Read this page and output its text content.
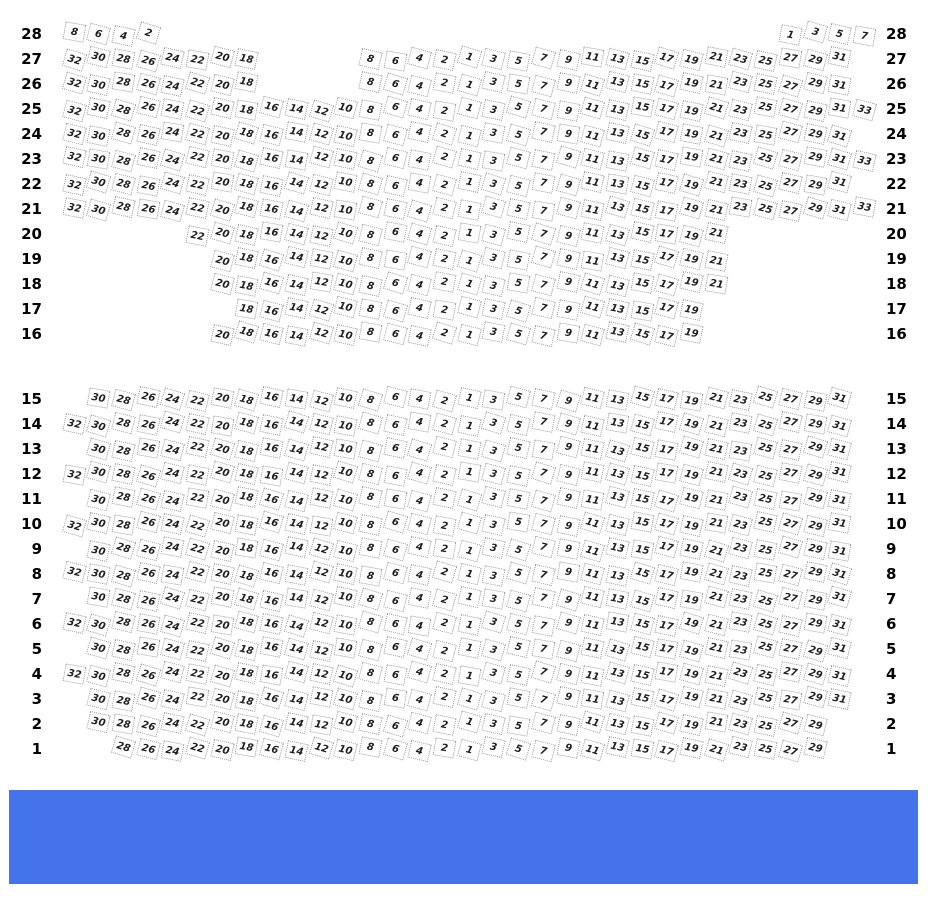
28	28
8	6	4	2	1	3	5	7
27	27
32 30 28 26 24 22 20 18	8	6	4	2	1	3	5	7	9	11 13 15 17 19 21 23 25 27 29 31
26	26
32 30 28 26 24 22 20 18	8	6	4	2	1	3	5	7	9	11 13 15 17 19 21 23 25 27 29 31
25	25
32 30 28 26 24 22 20 18 16 14 12 10	8	6	4	2	1	3	5	7	9	11 13 15 17 19 21 23 25 27 29 31 33
24	24
32 30 28 26 24 22 20 18 16 14 12 10	8	6	4	2	1	3	5	7	9	11 13 15 17 19 21 23 25 27 29 31
23	23
32 30 28 26 24 22 20 18 16 14 12 10	8	6	4	2	1	3	5	7	9	11 13 15 17 19 21 23 25 27 29 31 33
22	22
32 30 28 26 24 22 20 18 16 14 12 10	8	6	4	2	1	3	5	7	9	11 13 15 17 19 21 23 25 27 29 31
21	21
32 30 28 26 24 22 20 18 16 14 12 10	8	6	4	2	1	3	5	7	9	11 13 15 17 19 21 23 25 27 29 31 33
20	20
22 20 18 16 14 12 10	8	6	4	2	1	3	5	7	9	11 13 15 17 19 21
19	19
20 18 16 14 12 10	8	6	4	2	1	3	5	7	9	11 13 15 17 19 21
18	18
20 18 16 14 12 10	8	6	4	2	1	3	5	7	9	11 13 15 17 19 21
17	17
18 16 14 12 10	8	6	4	2	1	3	5	7	9	11 13 15 17 19
16	16
20 18 16 14 12 10	8	6	4	2	1	3	5	7	9	11 13 15 17 19
15	15
30 28 26 24 22 20 18 16 14 12 10	8	6	4	2	1	3	5	7	9	11 13 15 17 19 21 23 25 27 29 31
14	14
32 30 28 26 24 22 20 18 16 14 12 10	8	6	4	2	1	3	5	7	9	11 13 15 17 19 21 23 25 27 29 31
13	13
30 28 26 24 22 20 18 16 14 12 10	8	6	4	2	1	3	5	7	9	11 13 15 17 19 21 23 25 27 29 31
12	12
32 30 28 26 24 22 20 18 16 14 12 10	8	6	4	2	1	3	5	7	9	11 13 15 17 19 21 23 25 27 29 31
11	11
30 28 26 24 22 20 18 16 14 12 10	8	6	4	2	1	3	5	7	9	11 13 15 17 19 21 23 25 27 29 31
10	10
32 30 28 26 24 22 20 18 16 14 12 10	8	6	4	2	1	3	5	7	9	11 13 15 17 19 21 23 25 27 29 31
9	9
30 28 26 24 22 20 18 16 14 12 10	8	6	4	2	1	3	5	7	9	11 13 15 17 19 21 23 25 27 29 31
8	8
32 30 28 26 24 22 20 18 16 14 12 10	8	6	4	2	1	3	5	7	9	11 13 15 17 19 21 23 25 27 29 31
7	7
30 28 26 24 22 20 18 16 14 12 10	8	6	4	2	1	3	5	7	9	11 13 15 17 19 21 23 25 27 29 31
6	6
32 30 28 26 24 22 20 18 16 14 12 10	8	6	4	2	1	3	5	7	9	11 13 15 17 19 21 23 25 27 29 31
5	5
30 28 26 24 22 20 18 16 14 12 10	8	6	4	2	1	3	5	7	9	11 13 15 17 19 21 23 25 27 29 31
4	4
32 30 28 26 24 22 20 18 16 14 12 10	8	6	4	2	1	3	5	7	9	11 13 15 17 19 21 23 25 27 29 31
3	3
30 28 26 24 22 20 18 16 14 12 10	8	6	4	2	1	3	5	7	9	11 13 15 17 19 21 23 25 27 29 31
2	2
30 28 26 24 22 20 18 16 14 12 10	8	6	4	2	1	3	5	7	9	11 13 15 17 19 21 23 25 27 29
1	1
28 26 24 22 20 18 16 14 12 10	8	6	4	2	1	3	5	7	9	11 13 15 17 19 21 23 25 27 29
